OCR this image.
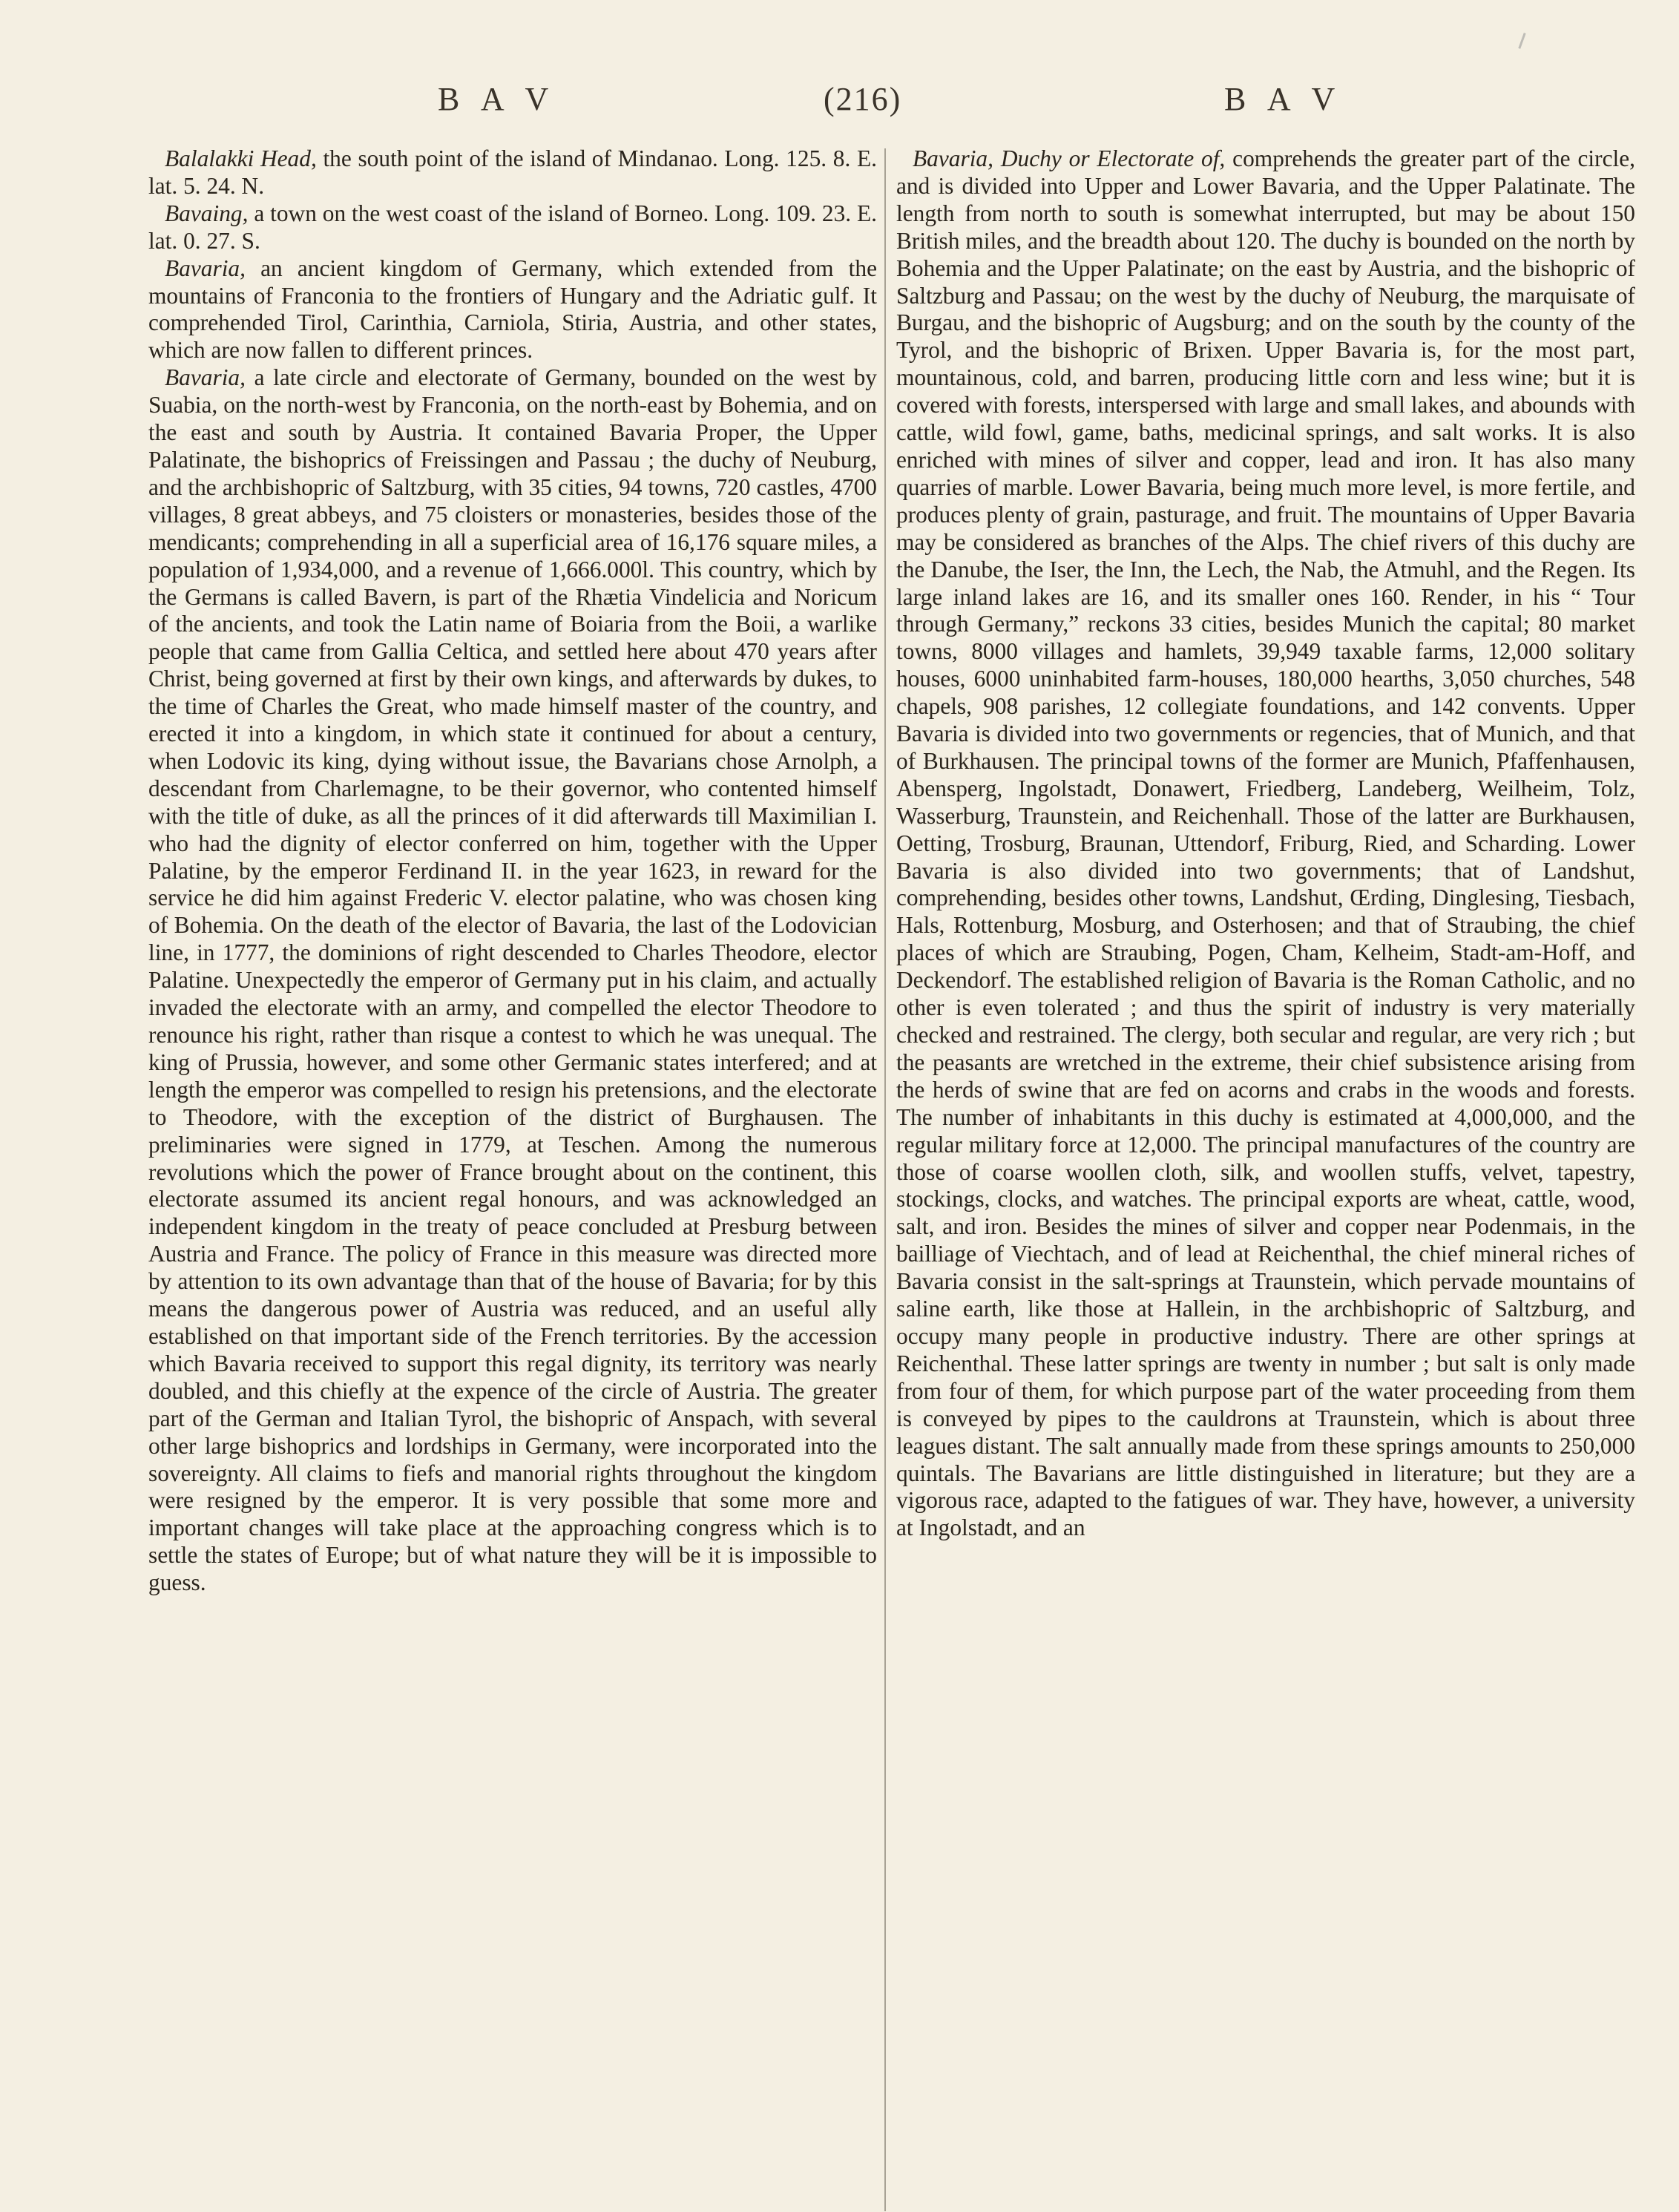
B A V	(216)	B A V

Balalakki Head, the south point of the island of Mindanao. Long. 125. 8. E. lat. 5. 24. N.

Bavaing, a town on the west coast of the island of Borneo. Long. 109. 23. E. lat. 0. 27. S.

Bavaria, an ancient kingdom of Germany, which extended from the mountains of Franconia to the frontiers of Hungary and the Adriatic gulf. It comprehended Tirol, Carinthia, Carniola, Stiria, Austria, and other states, which are now fallen to different princes.

Bavaria, a late circle and electorate of Germany, bounded on the west by Suabia, on the north-west by Franconia, on the north-east by Bohemia, and on the east and south by Austria. It contained Bavaria Proper, the Upper Palatinate, the bishoprics of Freissingen and Passau ; the duchy of Neuburg, and the archbishopric of Saltzburg, with 35 cities, 94 towns, 720 castles, 4700 villages, 8 great abbeys, and 75 cloisters or monasteries, besides those of the mendicants; comprehending in all a superficial area of 16,176 square miles, a population of 1,934,000, and a revenue of 1,666.000l. This country, which by the Germans is called Bavern, is part of the Rhætia Vindelicia and Noricum of the ancients, and took the Latin name of Boiaria from the Boii, a warlike people that came from Gallia Celtica, and settled here about 470 years after Christ, being governed at first by their own kings, and afterwards by dukes, to the time of Charles the Great, who made himself master of the country, and erected it into a kingdom, in which state it continued for about a century, when Lodovic its king, dying without issue, the Bavarians chose Arnolph, a descendant from Charlemagne, to be their governor, who contented himself with the title of duke, as all the princes of it did afterwards till Maximilian I. who had the dignity of elector conferred on him, together with the Upper Palatine, by the emperor Ferdinand II. in the year 1623, in reward for the service he did him against Frederic V. elector palatine, who was chosen king of Bohemia. On the death of the elector of Bavaria, the last of the Lodovician line, in 1777, the dominions of right descended to Charles Theodore, elector Palatine. Unexpectedly the emperor of Germany put in his claim, and actually invaded the electorate with an army, and compelled the elector Theodore to renounce his right, rather than risque a contest to which he was unequal. The king of Prussia, however, and some other Germanic states interfered; and at length the emperor was compelled to resign his pretensions, and the electorate to Theodore, with the exception of the district of Burghausen. The preliminaries were signed in 1779, at Teschen. Among the numerous revolutions which the power of France brought about on the continent, this electorate assumed its ancient regal honours, and was acknowledged an independent kingdom in the treaty of peace concluded at Presburg between Austria and France. The policy of France in this measure was directed more by attention to its own advantage than that of the house of Bavaria; for by this means the dangerous power of Austria was reduced, and an useful ally established on that important side of the French territories. By the accession which Bavaria received to support this regal dignity, its territory was nearly doubled, and this chiefly at the expence of the circle of Austria. The greater part of the German and Italian Tyrol, the bishopric of Anspach, with several other large bishoprics and lordships in Germany, were incorporated into the sovereignty. All claims to fiefs and manorial rights throughout the kingdom were resigned by the emperor. It is very possible that some more and important changes will take place at the approaching congress which is to settle the states of Europe; but of what nature they will be it is impossible to guess.

Bavaria, Duchy or Electorate of, comprehends the greater part of the circle, and is divided into Upper and Lower Bavaria, and the Upper Palatinate. The length from north to south is somewhat interrupted, but may be about 150 British miles, and the breadth about 120. The duchy is bounded on the north by Bohemia and the Upper Palatinate; on the east by Austria, and the bishopric of Saltzburg and Passau; on the west by the duchy of Neuburg, the marquisate of Burgau, and the bishopric of Augsburg; and on the south by the county of the Tyrol, and the bishopric of Brixen. Upper Bavaria is, for the most part, mountainous, cold, and barren, producing little corn and less wine; but it is covered with forests, interspersed with large and small lakes, and abounds with cattle, wild fowl, game, baths, medicinal springs, and salt works. It is also enriched with mines of silver and copper, lead and iron. It has also many quarries of marble. Lower Bavaria, being much more level, is more fertile, and produces plenty of grain, pasturage, and fruit. The mountains of Upper Bavaria may be considered as branches of the Alps. The chief rivers of this duchy are the Danube, the Iser, the Inn, the Lech, the Nab, the Atmuhl, and the Regen. Its large inland lakes are 16, and its smaller ones 160. Render, in his “ Tour through Germany,” reckons 33 cities, besides Munich the capital; 80 market towns, 8000 villages and hamlets, 39,949 taxable farms, 12,000 solitary houses, 6000 uninhabited farm-houses, 180,000 hearths, 3,050 churches, 548 chapels, 908 parishes, 12 collegiate foundations, and 142 convents. Upper Bavaria is divided into two governments or regencies, that of Munich, and that of Burkhausen. The principal towns of the former are Munich, Pfaffenhausen, Abensperg, Ingolstadt, Donawert, Friedberg, Landeberg, Weilheim, Tolz, Wasserburg, Traunstein, and Reichenhall. Those of the latter are Burkhausen, Oetting, Trosburg, Braunan, Uttendorf, Friburg, Ried, and Scharding. Lower Bavaria is also divided into two governments; that of Landshut, comprehending, besides other towns, Landshut, Œrding, Dinglesing, Tiesbach, Hals, Rottenburg, Mosburg, and Osterhosen; and that of Straubing, the chief places of which are Straubing, Pogen, Cham, Kelheim, Stadt-am-Hoff, and Deckendorf. The established religion of Bavaria is the Roman Catholic, and no other is even tolerated ; and thus the spirit of industry is very materially checked and restrained. The clergy, both secular and regular, are very rich ; but the peasants are wretched in the extreme, their chief subsistence arising from the herds of swine that are fed on acorns and crabs in the woods and forests. The number of inhabitants in this duchy is estimated at 4,000,000, and the regular military force at 12,000. The principal manufactures of the country are those of coarse woollen cloth, silk, and woollen stuffs, velvet, tapestry, stockings, clocks, and watches. The principal exports are wheat, cattle, wood, salt, and iron. Besides the mines of silver and copper near Podenmais, in the bailliage of Viechtach, and of lead at Reichenthal, the chief mineral riches of Bavaria consist in the salt-springs at Traunstein, which pervade mountains of saline earth, like those at Hallein, in the archbishopric of Saltzburg, and occupy many people in productive industry. There are other springs at Reichenthal. These latter springs are twenty in number ; but salt is only made from four of them, for which purpose part of the water proceeding from them is conveyed by pipes to the cauldrons at Traunstein, which is about three leagues distant. The salt annually made from these springs amounts to 250,000 quintals. The Bavarians are little distinguished in literature; but they are a vigorous race, adapted to the fatigues of war. They have, however, a university at Ingolstadt, and an
